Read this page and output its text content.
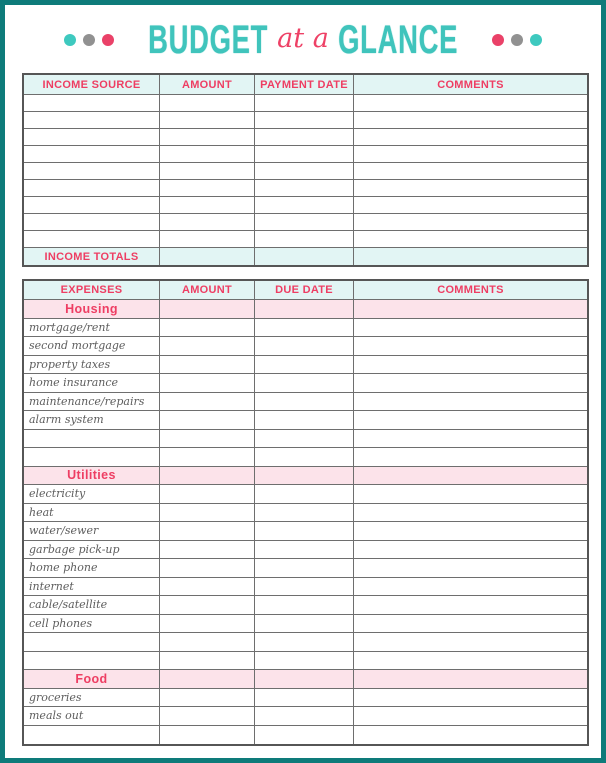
BUDGET at a GLANCE
INCOME SOURCE	AMOUNT	PAYMENT DATE	COMMENTS
INCOME TOTALS
EXPENSES	AMOUNT	DUE DATE	COMMENTS
Housing
mortgage/rent
second mortgage
property taxes
home insurance
maintenance/repairs
alarm system
Utilities
electricity
heat
water/sewer
garbage pick-up
home phone
internet
cable/satellite
cell phones
Food
groceries
meals out
